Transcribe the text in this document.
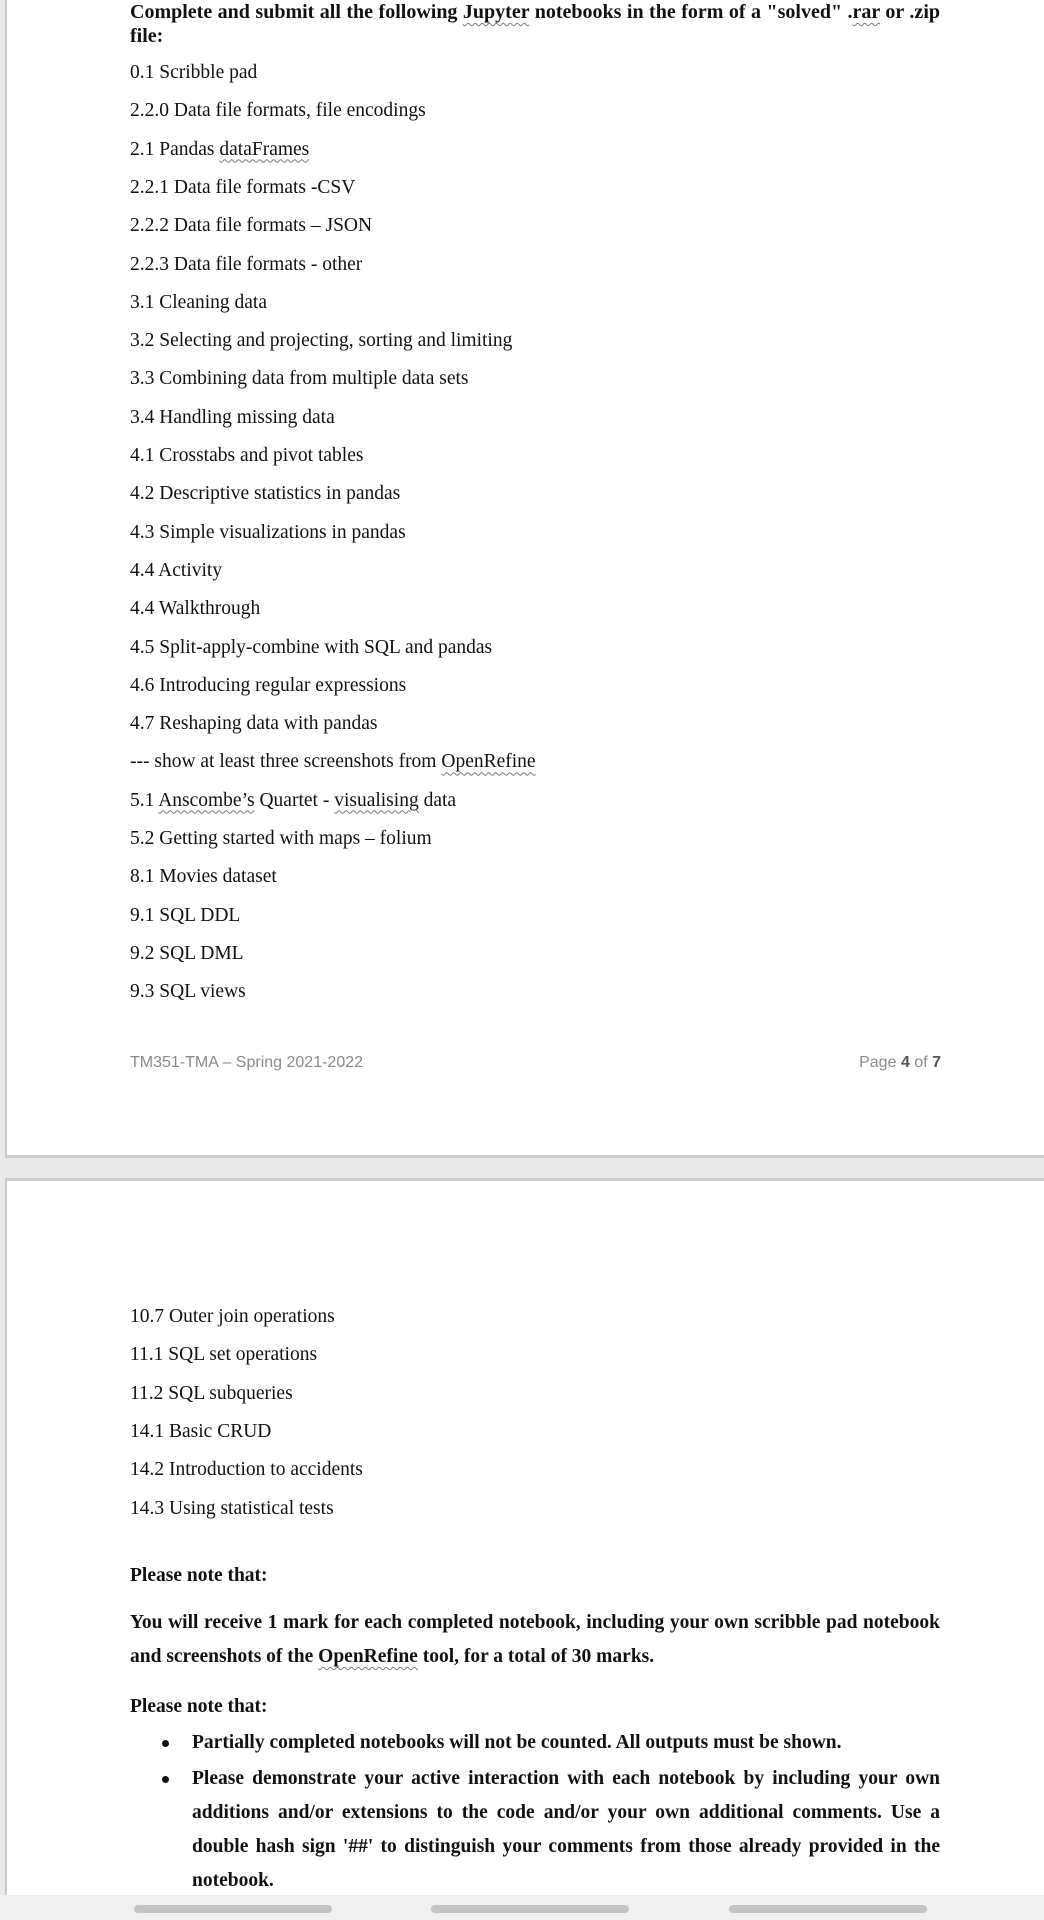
Complete and submit all the following Jupyter notebooks in the form of a "solved" .rar or .zip file:
0.1 Scribble pad
2.2.0 Data file formats, file encodings
2.1 Pandas dataFrames
2.2.1 Data file formats -CSV
2.2.2 Data file formats – JSON
2.2.3 Data file formats - other
3.1 Cleaning data
3.2 Selecting and projecting, sorting and limiting
3.3 Combining data from multiple data sets
3.4 Handling missing data
4.1 Crosstabs and pivot tables
4.2 Descriptive statistics in pandas
4.3 Simple visualizations in pandas
4.4 Activity
4.4 Walkthrough
4.5 Split-apply-combine with SQL and pandas
4.6 Introducing regular expressions
4.7 Reshaping data with pandas
--- show at least three screenshots from OpenRefine
5.1 Anscombe’s Quartet - visualising data
5.2 Getting started with maps – folium
8.1 Movies dataset
9.1 SQL DDL
9.2 SQL DML
9.3 SQL views
TM351-TMA – Spring 2021-2022	Page 4 of 7
10.7 Outer join operations
11.1 SQL set operations
11.2 SQL subqueries
14.1 Basic CRUD
14.2 Introduction to accidents
14.3 Using statistical tests
Please note that:
You will receive 1 mark for each completed notebook, including your own scribble pad notebook and screenshots of the OpenRefine tool, for a total of 30 marks.
Please note that:
Partially completed notebooks will not be counted. All outputs must be shown.
Please demonstrate your active interaction with each notebook by including your own additions and/or extensions to the code and/or your own additional comments. Use a double hash sign '##' to distinguish your comments from those already provided in the notebook.
